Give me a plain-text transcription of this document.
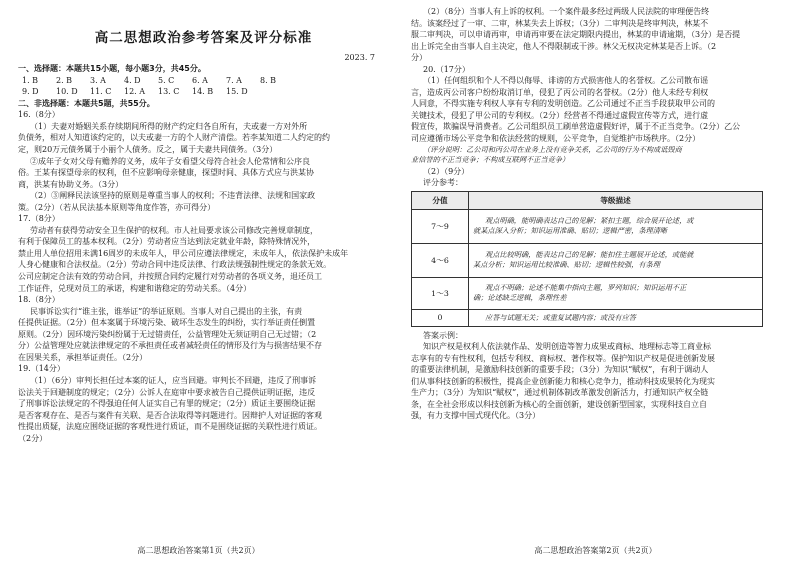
高二思想政治参考答案及评分标准
2023. 7
一、选择题：本题共15小题，每小题3分，共45分。
1. B	2. B	3. A	4. D	5. C	6. A	7. A	8. B
9. D	10. D	11. C	12. A	13. C	14. B	15. D
二、非选择题：本题共5题，共55分。
16.（8分）
（1）夫妻对婚姻关系存续期间所得的财产约定归各自所有，夫或妻一方对外所
负债务，相对人知道该约定的，以夫或妻一方的个人财产清偿。若李某知道二人约定的约
定，则20万元债务属于小丽个人债务。反之，属于夫妻共同债务。（3分）
②成年子女对父母有赡养的义务，成年子女看望父母符合社会人伦常情和公序良
俗。王某有探望母亲的权利，但不应影响母亲健康，探望时间、具体方式应与洪某协
商，洪某有协助义务。（3分）
（2）③阐释民法该坚持的原则是尊重当事人的权利；不违背法律、法规和国家政
策。（2分）（若从民法基本原则等角度作答，亦可得分）
17.（8分）
劳动者有获得劳动安全卫生保护的权利。市人社局要求该公司修改完善规章制度，
有利于保障员工的基本权利。（2分）劳动者应当达到法定就业年龄，除特殊情况外，
禁止用人单位招用未满16周岁的未成年人，甲公司应遵法律规定，未成年人，依法保护未成年
人身心健康和合法权益。（2分）劳动合同中违反法律、行政法规强制性规定的条款无效。
公司应制定合法有效的劳动合同，并按照合同约定履行对劳动者的各项义务，退还员工
工作证件，兑现对员工的承诺，构建和谐稳定的劳动关系。（4分）
18.（8分）
民事诉讼实行“谁主张，谁举证”的举证原则。当事人对自己提出的主张，有责
任提供证据。（2分）但本案属于环境污染、破坏生态发生的纠纷，实行举证责任倒置
原则。（2分）因环境污染纠纷属于无过错责任，公益管理处无须证明自己无过错；（2
分）公益管理处应就法律规定的不承担责任或者减轻责任的情形及行为与损害结果不存
在因果关系，承担举证责任。（2分）
19.（14分）
（1）（6分）审判长担任过本案的证人，应当回避。审判长不回避，违反了刑事诉
讼法关于回避制度的规定；（2分）公诉人在庭审中要求被告自己提供证明证据，违反
了刑事诉讼法规定的不得强迫任何人证实自己有罪的规定；（2分）质证主要围绕证据
是否客观存在、是否与案件有关联、是否合法取得等问题进行。因辩护人对证据的客观
性提出质疑，法庭应围绕证据的客观性进行质证，而不是围绕证据的关联性进行质证。
（2分）
高二思想政治答案第1页（共2页）
（2）（8分）当事人有上诉的权利。一个案件最多经过两级人民法院的审理便告终
结。该案经过了一审、二审，林某失去上诉权；（3分）二审判决是终审判决，林某不
服二审判决，可以申请再审，申请再审要在法定期限内提出，林某的申请逾期，（3分）是否提
出上诉完全由当事人自主决定，他人不得限制或干涉。林父无权决定林某是否上诉。（2
分）
20.（17分）
（1）任何组织和个人不得以侮辱、诽谤的方式损害他人的名誉权。乙公司散布谣
言，造成丙公司客户纷纷取消订单，侵犯了丙公司的名誉权。（2分）他人未经专利权
人同意，不得实施专利权人享有专利的发明创造。乙公司通过不正当手段获取甲公司的
关键技术，侵犯了甲公司的专利权。（2分）经营者不得通过虚假宣传等方式，进行虚
假宣传，欺骗误导消费者。乙公司组织员工刷单营造虚假好评，属于不正当竞争。（2分）乙公
司应遵循市场公平竞争和依法经营的规则，公平竞争，自觉维护市场秩序。（2分）
（评分说明：乙公司和丙公司在业务上没有竞争关系，乙公司的行为不构成诋毁商
业信誉的不正当竞争；不构成互联网不正当竞争）
（2）（9分）
评分参考：
分值	等级描述
7～9	观点明确，能明确表达自己的见解；紧扣主题，综合展开论述，或
就某点深入分析；知识运用准确、贴切；逻辑严密，条理清晰

4～6	观点比较明确，能表达自己的见解；能扣住主题展开论述，或能就
某点分析；知识运用比较准确、贴切；逻辑性较强，有条理

1～3	观点不明确；论述不能集中指向主题，罗列知识；知识运用不正
确；论述缺乏逻辑，条理性差

0	应答与试题无关；或重复试题内容；或没有应答
答案示例：
知识产权是权利人依法就作品、发明创造等智力成果或商标、地理标志等工商业标
志享有的专有性权利，包括专利权、商标权、著作权等。保护知识产权是促进创新发展
的重要法律机制，是激励科技创新的重要手段；（3分）为知识“赋权”，有利于调动人
们从事科技创新的积极性，提高企业创新能力和核心竞争力，推动科技成果转化为现实
生产力；（3分）为知识“赋权”，通过机制体制改革激发创新活力，打通知识产权全链
条，在全社会形成以科技创新为核心的全面创新，建设创新型国家，实现科技自立自
强，有力支撑中国式现代化。（3分）
高二思想政治答案第2页（共2页）
